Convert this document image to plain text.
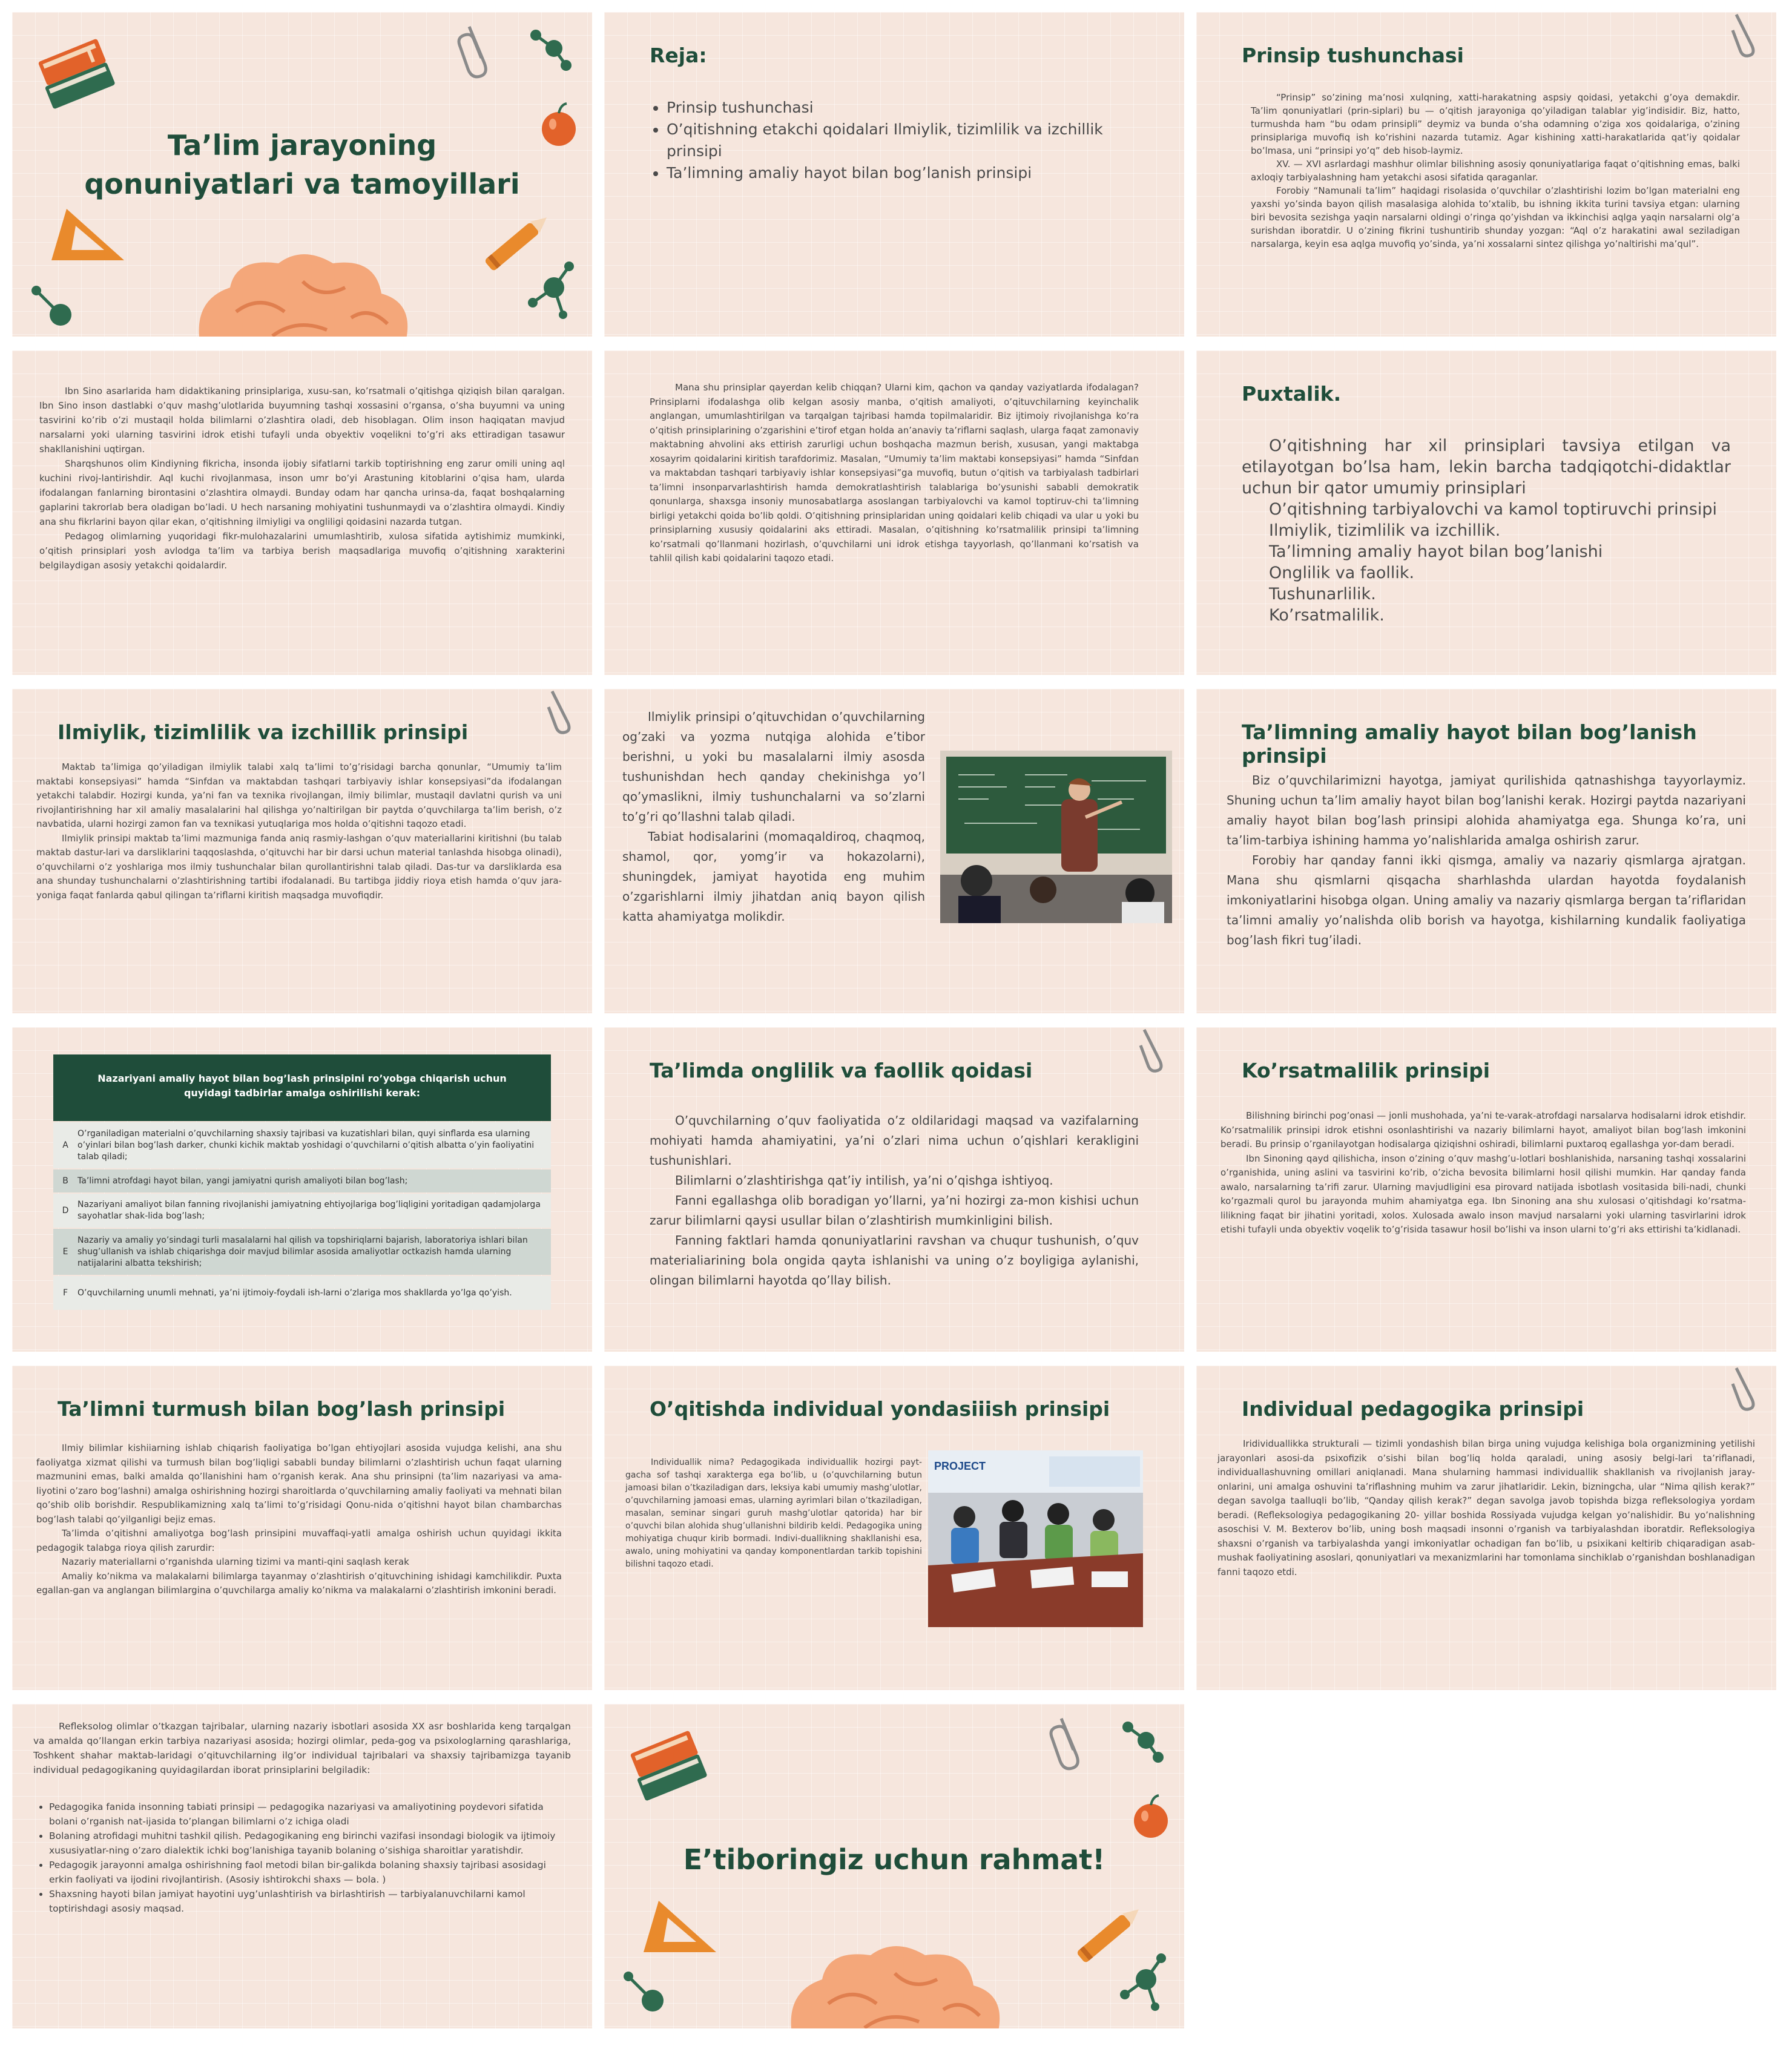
Ta’lim jarayoning
qonuniyatlari va tamoyillari
Reja:
• Prinsip tushunchasi
• O’qitishning etakchi qoidalari Ilmiylik, tizimlilik va izchillik prinsipi
• Ta’limning amaliy hayot bilan bog’lanish prinsipi
Prinsip tushunchasi

“Prinsip” so’zining ma’nosi xulqning, xatti-harakatning aspsiy qoidasi, yetakchi g’oya demakdir. Ta’lim qonuniyatlari (prin-siplari) bu — o’qitish jarayoniga qo’yiladigan talablar yig’indisidir. Biz, hatto, turmushda ham “bu odam prinsipli” deymiz va bunda o’sha odamning o’ziga xos qoidalariga, o’zining prinsiplariga muvofiq ish ko’rishini nazarda tutamiz. Agar kishining xatti-harakatlarida qat’iy qoidalar bo’lmasa, uni “prinsipi yo’q” deb hisob-laymiz.

XV. — XVI asrlardagi mashhur olimlar bilishning asosiy qonuniyatlariga faqat o’qitishning emas, balki axloqiy tarbiyalashning ham yetakchi asosi sifatida qaraganlar.

Forobiy “Namunali ta’lim” haqidagi risolasida o’quvchilar o’zlashtirishi lozim bo’lgan materialni eng yaxshi yo’sinda bayon qilish masalasiga alohida to’xtalib, bu ishning ikkita turini tavsiya etgan: ularning biri bevosita sezishga yaqin narsalarni oldingi o’ringa qo’yishdan va ikkinchisi aqlga yaqin narsalarni olg’a surishdan iboratdir. U o’zining fikrini tushuntirib shunday yozgan: “Aql o’z harakatini awal seziladigan narsalarga, keyin esa aqlga muvofiq yo’sinda, ya’ni xossalarni sintez qilishga yo’naltirishi ma’qul”.

Ibn Sino asarlarida ham didaktikaning prinsiplariga, xusu-san, ko’rsatmali o’qitishga qiziqish bilan qaralgan. Ibn Sino inson dastlabki o’quv mashg’ulotlarida buyumning tashqi xossasini o’rgansa, o’sha buyumni va uning tasvirini ko’rib o’zi mustaqil holda bilimlarni o’zlashtira oladi, deb hisoblagan. Olim inson haqiqatan mavjud narsalarni yoki ularning tasvirini idrok etishi tufayli unda obyektiv voqelikni to’g’ri aks ettiradigan tasawur shakllanishini uqtirgan.

Sharqshunos olim Kindiyning fikricha, insonda ijobiy sifatlarni tarkib toptirishning eng zarur omili uning aql kuchini rivoj-lantirishdir. Aql kuchi rivojlanmasa, inson umr bo’yi Arastuning kitoblarini o’qisa ham, ularda ifodalangan fanlarning birontasini o’zlashtira olmaydi. Bunday odam har qancha urinsa-da, faqat boshqalarning gaplarini takrorlab bera oladigan bo’ladi. U hech narsaning mohiyatini tushunmaydi va o’zlashtira olmaydi. Kindiy ana shu fikrlarini bayon qilar ekan, o’qitishning ilmiyligi va ongliligi qoidasini nazarda tutgan.

Pedagog olimlarning yuqoridagi fikr-mulohazalarini umumlashtirib, xulosa sifatida aytishimiz mumkinki, o’qitish prinsiplari yosh avlodga ta’lim va tarbiya berish maqsadlariga muvofiq o’qitishning xarakterini belgilaydigan asosiy yetakchi qoidalardir.

Mana shu prinsiplar qayerdan kelib chiqqan? Ularni kim, qachon va qanday vaziyatlarda ifodalagan? Prinsiplarni ifodalashga olib kelgan asosiy manba, o’qitish amaliyoti, o’qituvchilarning keyinchalik anglangan, umumlashtirilgan va tarqalgan tajribasi hamda topilmalaridir. Biz ijtimoiy rivojlanishga ko’ra o’qitish prinsiplarining o’zgarishini e’tirof etgan holda an’anaviy ta’riflarni saqlash, ularga faqat zamonaviy maktabning ahvolini aks ettirish zarurligi uchun boshqacha mazmun berish, xususan, yangi maktabga xosayrim qoidalarini kiritish tarafdorimiz. Masalan, “Umumiy ta’lim maktabi konsepsiyasi” hamda “Sinfdan va maktabdan tashqari tarbiyaviy ishlar konsepsiyasi”ga muvofiq, butun o’qitish va tarbiyalash tadbirlari ta’limni insonparvarlashtirish hamda demokratlashtirish talablariga bo’ysunishi sababli demokratik qonunlarga, shaxsga insoniy munosabatlarga asoslangan tarbiyalovchi va kamol toptiruv-chi ta’limning birligi yetakchi qoida bo’lib qoldi. O’qitishning prinsiplaridan uning qoidalari kelib chiqadi va ular u yoki bu prinsiplarning xususiy qoidalarini aks ettiradi. Masalan, o’qitishning ko’rsatmalilik prinsipi ta’limning ko’rsatmali qo’llanmani hozirlash, o’quvchilarni uni idrok etishga tayyorlash, qo’llanmani ko’rsatish va tahlil qilish kabi qoidalarini taqozo etadi.

Puxtalik.
O’qitishning har xil prinsiplari tavsiya etilgan va etilayotgan bo’lsa ham, lekin barcha tadqiqotchi-didaktlar uchun bir qator umumiy prinsiplari
O’qitishning tarbiyalovchi va kamol toptiruvchi prinsipi
Ilmiylik, tizimlilik va izchillik.
Ta’limning amaliy hayot bilan bog’lanishi
Onglilik va faollik.
Tushunarlilik.
Ko’rsatmalilik.
Ilmiylik, tizimlilik va izchillik prinsipi

Maktab ta’limiga qo’yiladigan ilmiylik talabi xalq ta’limi to’g’risidagi barcha qonunlar, “Umumiy ta’lim maktabi konsepsiyasi” hamda “Sinfdan va maktabdan tashqari tarbiyaviy ishlar konsepsiyasi”da ifodalangan yetakchi talabdir. Hozirgi kunda, ya’ni fan va texnika rivojlangan, ilmiy bilimlar, mustaqil davlatni qurish va uni rivojlantirishning har xil amaliy masalalarini hal qilishga yo’naltirilgan bir paytda o’quvchilarga ta’lim berish, o’z navbatida, ularni hozirgi zamon fan va texnikasi yutuqlariga mos holda o’qitishni taqozo etadi.

Ilmiylik prinsipi maktab ta’limi mazmuniga fanda aniq rasmiy-lashgan o’quv materiallarini kiritishni (bu talab maktab dastur-lari va darsliklarini taqqoslashda, o’qituvchi har bir darsi uchun material tanlashda hisobga olinadi), o’quvchilarni o’z yoshlariga mos ilmiy tushunchalar bilan qurollantirishni talab qiladi. Das-tur va darsliklarda esa ana shunday tushunchalarni o’zlashtirishning tartibi ifodalanadi. Bu tartibga jiddiy rioya etish hamda o’quv jara-yoniga faqat fanlarda qabul qilingan ta’riflarni kiritish maqsadga muvofiqdir.

Ilmiylik prinsipi o’qituvchidan o’quvchilarning og’zaki va yozma nutqiga alohida e’tibor berishni, u yoki bu masalalarni ilmiy asosda tushunishdan hech qanday chekinishga yo’l qo’ymaslikni, ilmiy tushunchalarni va so’zlarni to’g’ri qo’llashni talab qiladi.

Tabiat hodisalarini (momaqaldiroq, chaqmoq, shamol, qor, yomg’ir va hokazolarni), shuningdek, jamiyat hayotida eng muhim o’zgarishlarni ilmiy jihatdan aniq bayon qilish katta ahamiyatga molikdir.

Ta’limning amaliy hayot bilan bog’lanish prinsipi

Biz o’quvchilarimizni hayotga, jamiyat qurilishida qatnashishga tayyorlaymiz. Shuning uchun ta’lim amaliy hayot bilan bog’lanishi kerak. Hozirgi paytda nazariyani amaliy hayot bilan bog’lash prinsipi alohida ahamiyatga ega. Shunga ko’ra, uni ta’lim-tarbiya ishining hamma yo’nalishlarida amalga oshirish zarur.

Forobiy har qanday fanni ikki qismga, amaliy va nazariy qismlarga ajratgan. Mana shu qismlarni qisqacha sharhlashda ulardan hayotda foydalanish imkoniyatlarini hisobga olgan. Uning amaliy va nazariy qismlarga bergan ta’riflaridan ta’limni amaliy yo’nalishda olib borish va hayotga, kishilarning kundalik faoliyatiga bog’lash fikri tug’iladi.

Nazariyani amaliy hayot bilan bog’lash prinsipini ro’yobga chiqarish uchun quyidagi tadbirlar amalga oshirilishi kerak:
A
O’rganiladigan materialni o’quvchilarning shaxsiy tajribasi va kuzatishlari bilan, quyi sinflarda esa ularning o’yinlari bilan bog’lash darker, chunki kichik maktab yoshidagi o’quvchilarni o’qitish albatta o’yin faoliyatini talab qiladi;
B	Ta’limni atrofdagi hayot bilan, yangi jamiyatni qurish amaliyoti bilan bog’lash;
D
Nazariyani amaliyot bilan fanning rivojlanishi jamiyatning ehtiyojlariga bog’liqligini yoritadigan qadamjolarga sayohatlar shak-lida bog’lash;
E
Nazariy va amaliy yo’sindagi turli masalalarni hal qilish va topshiriqlarni bajarish, laboratoriya ishlari bilan shug’ullanish va ishlab chiqarishga doir mavjud bilimlar asosida amaliyotlar octkazish hamda ularning natijalarini albatta tekshirish;
F	O’quvchilarning unumli mehnati, ya’ni ijtimoiy-foydali ish-larni o’zlariga mos shakllarda yo’lga qo’yish.
Ta’limda onglilik va faollik qoidasi

O’quvchilarning o’quv faoliyatida o’z oldilaridagi maqsad va vazifalarning mohiyati hamda ahamiyatini, ya’ni o’zlari nima uchun o’qishlari kerakligini tushunishlari.

Bilimlarni o’zlashtirishga qat’iy intilish, ya’ni o’qishga ishtiyoq.

Fanni egallashga olib boradigan yo’llarni, ya’ni hozirgi za-mon kishisi uchun zarur bilimlarni qaysi usullar bilan o’zlashtirish mumkinligini bilish.

Fanning faktlari hamda qonuniyatlarini ravshan va chuqur tushunish, o’quv materialiarining bola ongida qayta ishlanishi va uning o’z boyligiga aylanishi, olingan bilimlarni hayotda qo’llay bilish.

Ko’rsatmalilik prinsipi

Bilishning birinchi pog’onasi — jonli mushohada, ya’ni te-varak-atrofdagi narsalarva hodisalarni idrok etishdir. Ko’rsatmalilik prinsipi idrok etishni osonlashtirishi va nazariy bilimlarni hayot, amaliyot bilan bog’lash imkonini beradi. Bu prinsip o’rganilayotgan hodisalarga qiziqishni oshiradi, bilimlarni puxtaroq egallashga yor-dam beradi.

Ibn Sinoning qayd qilishicha, inson o’zining o’quv mashg’u-lotlari boshlanishida, narsaning tashqi xossalarini o’rganishida, uning aslini va tasvirini ko’rib, o’zicha bevosita bilimlarni hosil qilishi mumkin. Har qanday fanda awalo, narsalarning ta’rifi zarur. Ularning mavjudligini esa pirovard natijada isbotlash vositasida bili-nadi, chunki ko’rgazmali qurol bu jarayonda muhim ahamiyatga ega. Ibn Sinoning ana shu xulosasi o’qitishdagi ko’rsatma-lilikning faqat bir jihatini yoritadi, xolos. Xulosada awalo inson mavjud narsalarni yoki ularning tasvirlarini idrok etishi tufayli unda obyektiv voqelik to’g’risida tasawur hosil bo’lishi va inson ularni to’g’ri aks ettirishi ta’kidlanadi.

Ta’limni turmush bilan bog’lash prinsipi

Ilmiy bilimlar kishiiarning ishlab chiqarish faoliyatiga bo’lgan ehtiyojlari asosida vujudga kelishi, ana shu faoliyatga xizmat qilishi va turmush bilan bog’liqligi sababli bunday bilimlarni o’zlashtirish uchun faqat ularning mazmunini emas, balki amalda qo’llanishini ham o’rganish kerak. Ana shu prinsipni (ta’lim nazariyasi va ama-liyotini o’zaro bog’lashni) amalga oshirishning hozirgi sharoitlarda o’quvchilarning amaliy faoliyati va mehnati bilan qo’shib olib borishdir. Respublikamizning xalq ta’limi to’g’risidagi Qonu-nida o’qitishni hayot bilan chambarchas bog’lash talabi qo’yilganligi bejiz emas.

Ta’limda o’qitishni amaliyotga bog’lash prinsipini muvaffaqi-yatli amalga oshirish uchun quyidagi ikkita pedagogik talabga rioya qilish zarurdir:

Nazariy materiallarni o’rganishda ularning tizimi va manti-qini saqlash kerak

Amaliy ko’nikma va malakalarni bilimlarga tayanmay o’zlashtirish o’qituvchining ishidagi kamchilikdir. Puxta egallan-gan va anglangan bilimlarginа o’quvchilarga amaliy ko’nikma va malakalarni o’zlashtirish imkonini beradi.

O’qitishda individual yondasiiish prinsipi

Individuallik nima? Pedagogikada individuallik hozirgi payt-gacha sof tashqi xarakterga ega bo’lib, u (o’quvchilarning butun jamoasi bilan o’tkaziladigan dars, leksiya kabi umumiy mashg’ulotlar, o’quvchilarning jamoasi emas, ularning ayrimlari bilan o’tkaziladigan, masalan, seminar singari guruh mashg’ulotlar qatorida) har bir o’quvchi bilan alohida shug’ullanishni bildirib keldi. Pedagogika uning mohiyatiga chuqur kirib bormadi. Indivi-duallikning shakllanishi esa, awalo, uning mohiyatini va qanday komponentlardan tarkib topishini bilishni taqozo etadi.

PROJECT
Individual pedagogika prinsipi

Iridividuallikka strukturali — tizimli yondashish bilan birga uning vujudga kelishiga bola organizmining yetilishi jarayonlari asosi-da psixofizik o’sishi bilan bog’liq holda qaraladi, uning asosiy belgi-lari ta’riflanadi, individuallashuvning omillari aniqlanadi. Mana shularning hammasi individuallik shakllanish va rivojlanish jaray-onlarini, uni amalga oshuvini ta’riflashning muhim va zarur jihatlaridir. Lekin, bizningcha, ular “Nima qilish kerak?” degan savolga taalluqli bo’lib, “Qanday qilish kerak?” degan savolga javob topishda bizga refleksologiya yordam beradi. (Refleksologiya pedagogikaning 20- yillar boshida Rossiyada vujudga kelgan yo’nalishidir. Bu yo’nalishning asoschisi V. M. Bexterov bo’lib, uning bosh maqsadi insonni o’rganish va tarbiyalashdan iboratdir. Refleksologiya shaxsni o’rganish va tarbiyalashda yangi imkoniyatlar ochadigan fan bo’lib, u psixikani keltirib chiqaradigan asab-mushak faoliyatining asoslari, qonuniyatlari va mexanizmlarini har tomonlama sinchiklab o’rganishdan boshlanadigan fanni taqozo etdi.

Refleksolog olimlar o’tkazgan tajribalar, ularning nazariy isbotlari asosida XX asr boshlarida keng tarqalgan va amalda qo’llangan erkin tarbiya nazariyasi asosida; hozirgi olimlar, peda-gog va psixologlarning qarashlariga, Toshkent shahar maktab-laridagi o’qituvchilarning ilg’or individual tajribalari va shaxsiy tajribamizga tayanib individual pedagogikaning quyidagilardan iborat prinsiplarini belgiladik:

• Pedagogika fanida insonning tabiati prinsipi — pedagogika nazariyasi va amaliyotining poydevori sifatida bolani o’rganish nat-ijasida to’plangan bilimlarni o’z ichiga oladi
• Bolaning atrofidagi muhitni tashkil qilish. Pedagogikaning eng birinchi vazifasi insondagi biologik va ijtimoiy xususiyatlar-ning o’zaro dialektik ichki bog’lanishiga tayanib bolaning o’sishiga sharoitlar yaratishdir.
• Pedagogik jarayonni amalga oshirishning faol metodi bilan bir-galikda bolaning shaxsiy tajribasi asosidagi erkin faoliyati va ijodini rivojlantirish. (Asosiy ishtirokchi shaxs — bola. )
• Shaxsning hayoti bilan jamiyat hayotini uyg’unlashtirish va birlashtirish — tarbiyalanuvchilarni kamol toptirishdagi asosiy maqsad.
E’tiboringiz uchun rahmat!
